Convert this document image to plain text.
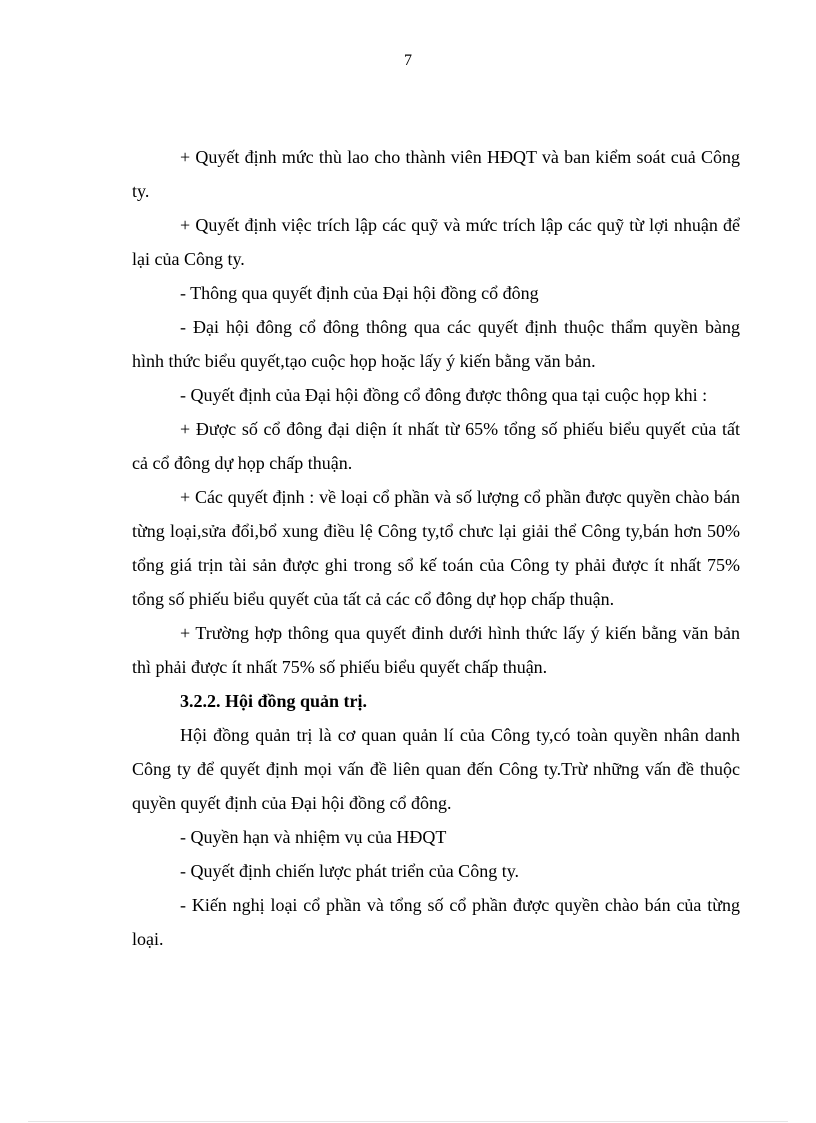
7

+ Quyết định mức thù lao cho thành viên HĐQT và ban kiểm soát cuả Công ty.

+ Quyết định việc trích lập các quỹ và mức trích lập các quỹ từ lợi nhuận để lại của Công ty.

- Thông qua quyết định của Đại hội đồng cổ đông

- Đại hội đông cổ đông thông qua các quyết định thuộc thẩm quyền bàng hình thức biểu quyết,tạo cuộc họp hoặc lấy ý kiến bằng văn bản.

- Quyết định của Đại hội đồng cổ đông được thông qua tại cuộc họp khi :

+ Được số cổ đông đại diện ít nhất từ 65% tổng số phiếu biểu quyết của tất cả cổ đông dự họp chấp thuận.

+ Các quyết định : về loại cổ phần và số lượng cổ phần được quyền chào bán từng loại,sửa đổi,bổ xung điều lệ Công ty,tổ chưc lại giải thể Công ty,bán hơn 50% tổng giá trịn tài sản được ghi trong sổ kế toán của Công ty phải được ít nhất 75% tổng số phiếu biểu quyết của tất cả các cổ đông dự họp chấp thuận.

+ Trường hợp thông qua quyết đinh dưới hình thức lấy ý kiến bằng văn bản thì phải được ít nhất 75% số phiếu biểu quyết chấp thuận.

3.2.2. Hội đồng quản trị.

Hội đồng quản trị là cơ quan quản lí của Công ty,có toàn quyền nhân danh Công ty để quyết định mọi vấn đề liên quan đến Công ty.Trừ những vấn đề thuộc quyền quyết định của Đại hội đồng cổ đông.

- Quyền hạn và nhiệm vụ của HĐQT

- Quyết định chiến lược phát triển của Công ty.

- Kiến nghị loại cổ phần và tổng số cổ phần được quyền chào bán của từng loại.
